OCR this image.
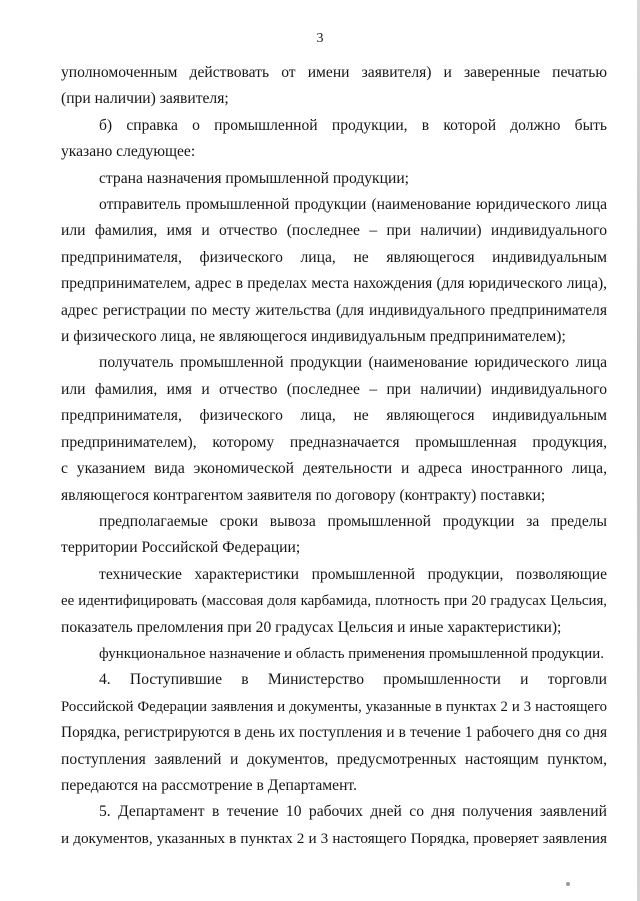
3
уполномоченным действовать от имени заявителя) и заверенные печатью
(при наличии) заявителя;
б) справка о промышленной продукции, в которой должно быть
указано следующее:
страна назначения промышленной продукции;
отправитель промышленной продукции (наименование юридического лица
или фамилия, имя и отчество (последнее – при наличии) индивидуального
предпринимателя, физического лица, не являющегося индивидуальным
предпринимателем, адрес в пределах места нахождения (для юридического лица),
адрес регистрации по месту жительства (для индивидуального предпринимателя
и физического лица, не являющегося индивидуальным предпринимателем);
получатель промышленной продукции (наименование юридического лица
или фамилия, имя и отчество (последнее – при наличии) индивидуального
предпринимателя, физического лица, не являющегося индивидуальным
предпринимателем), которому предназначается промышленная продукция,
с указанием вида экономической деятельности и адреса иностранного лица,
являющегося контрагентом заявителя по договору (контракту) поставки;
предполагаемые сроки вывоза промышленной продукции за пределы
территории Российской Федерации;
технические характеристики промышленной продукции, позволяющие
ее идентифицировать (массовая доля карбамида, плотность при 20 градусах Цельсия,
показатель преломления при 20 градусах Цельсия и иные характеристики);
функциональное назначение и область применения промышленной продукции.
4. Поступившие в Министерство промышленности и торговли
Российской Федерации заявления и документы, указанные в пунктах 2 и 3 настоящего
Порядка, регистрируются в день их поступления и в течение 1 рабочего дня со дня
поступления заявлений и документов, предусмотренных настоящим пунктом,
передаются на рассмотрение в Департамент.
5. Департамент в течение 10 рабочих дней со дня получения заявлений
и документов, указанных в пунктах 2 и 3 настоящего Порядка, проверяет заявления
